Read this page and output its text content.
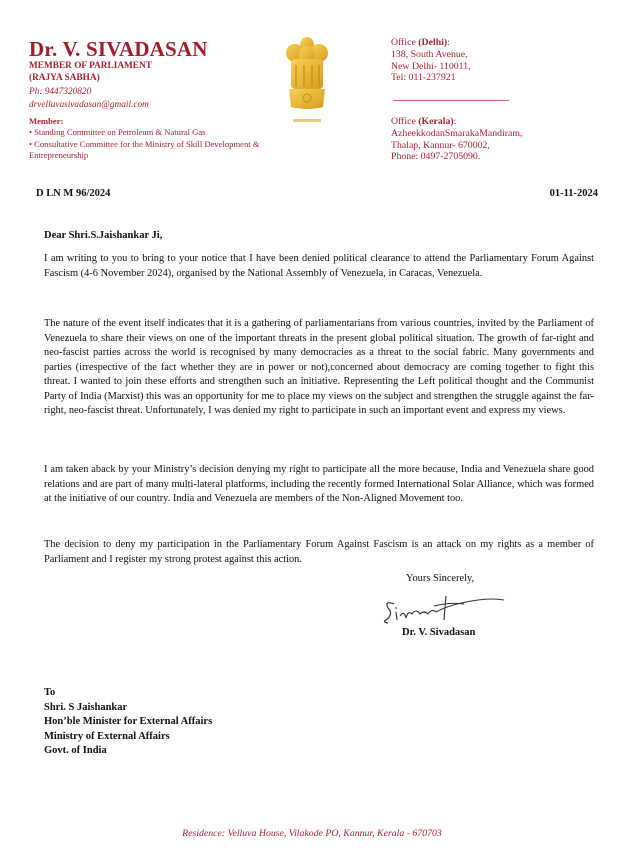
Dr. V. SIVADASAN
MEMBER OF PARLIAMENT
(RAJYA SABHA)
Ph: 9447320820
drvelluvasivadasan@gmail.com
Member:
• Standing Committee on Petroleum & Natural Gas
• Consultative Committee for the Ministry of Skill Development & Entrepreneurship
Office (Delhi):
138, South Avenue,
New Delhi- 110011,
Tel: 011-237921
Office (Kerala):
AzheekkodanSmarakaMandiram,
Thalap, Kannur- 670002,
Phone: 0497-2705090.
D LN M 96/2024	01-11-2024
Dear Shri.S.Jaishankar Ji,

I am writing to you to bring to your notice that I have been denied political clearance to attend the Parliamentary Forum Against Fascism (4-6 November 2024), organised by the National Assembly of Venezuela, in Caracas, Venezuela.

The nature of the event itself indicates that it is a gathering of parliamentarians from various countries, invited by the Parliament of Venezuela to share their views on one of the important threats in the present global political situation. The growth of far-right and neo-fascist parties across the world is recognised by many democracies as a threat to the social fabric. Many governments and parties (irrespective of the fact whether they are in power or not),concerned about democracy are coming together to fight this threat. I wanted to join these efforts and strengthen such an initiative. Representing the Left political thought and the Communist Party of India (Marxist) this was an opportunity for me to place my views on the subject and strengthen the struggle against the far-right, neo-fascist threat. Unfortunately, I was denied my right to participate in such an important event and express my views.

I am taken aback by your Ministry’s decision denying my right to participate all the more because, India and Venezuela share good relations and are part of many multi-lateral platforms, including the recently formed International Solar Alliance, which was formed at the initiative of our country. India and Venezuela are members of the Non-Aligned Movement too.

The decision to deny my participation in the Parliamentary Forum Against Fascism is an attack on my rights as a member of Parliament and I register my strong protest against this action.

Yours Sincerely,
Dr. V. Sivadasan
To
Shri. S Jaishankar
Hon’ble Minister for External Affairs
Ministry of External Affairs
Govt. of India
Residence: Velluva House, Vilakode PO, Kannur, Kerala - 670703
